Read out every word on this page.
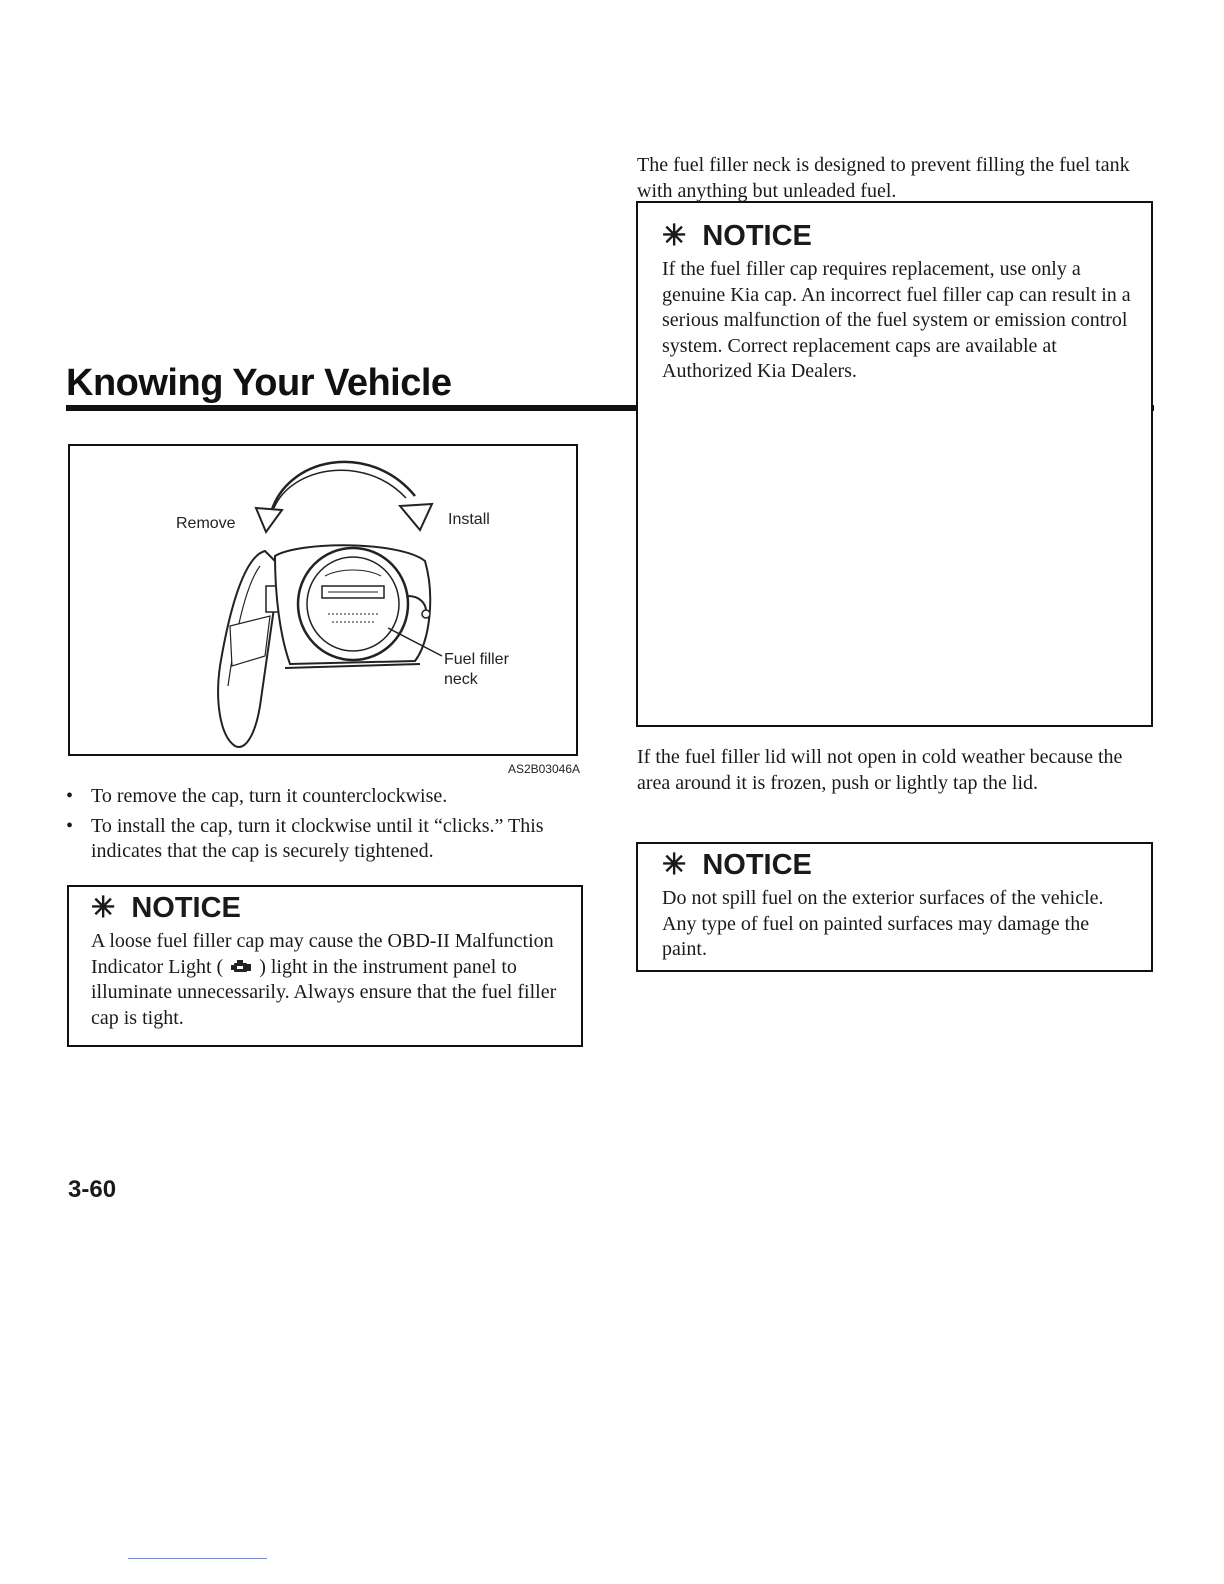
Knowing Your Vehicle
Remove	Install
Fuel filler
neck
AS2B03046A
• To remove the cap, turn it counterclockwise.
• To install the cap, turn it clockwise until it “clicks.” This indicates that the cap is securely tightened.

✳ NOTICE

A loose fuel filler cap may cause the OBD-II Malfunction Indicator Light ( ) light in the instrument panel to illuminate unnecessarily. Always ensure that the fuel filler cap is tight.

The fuel filler neck is designed to prevent filling the fuel tank with anything but unleaded fuel.

✳ NOTICE

If the fuel filler cap requires replacement, use only a genuine Kia cap. An incorrect fuel filler cap can result in a serious malfunction of the fuel system or emission control system. Correct replacement caps are available at Authorized Kia Dealers.

If the fuel filler lid will not open in cold weather because the area around it is frozen, push or lightly tap the lid.

✳ NOTICE

Do not spill fuel on the exterior surfaces of the vehicle. Any type of fuel on painted surfaces may damage the paint.

3-60
